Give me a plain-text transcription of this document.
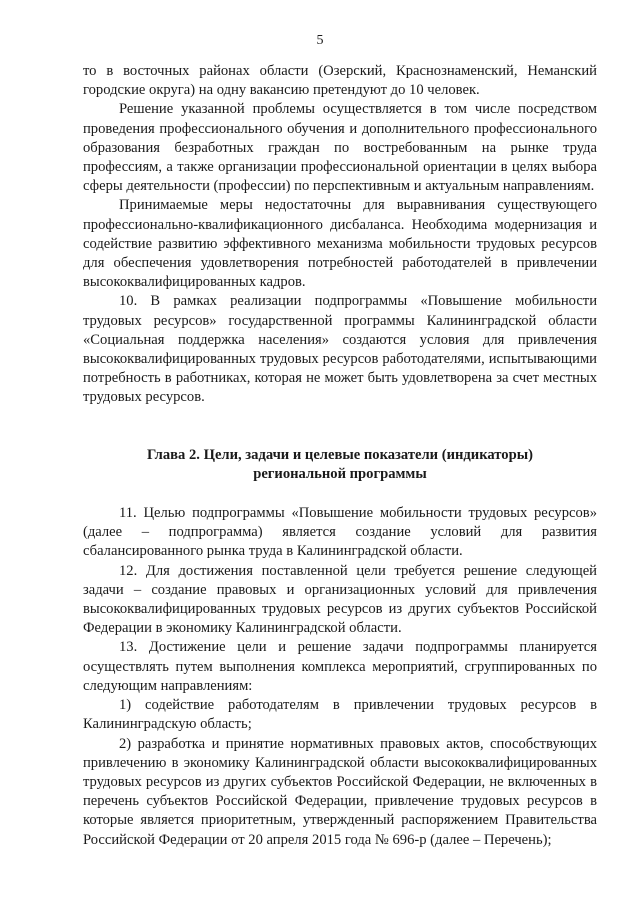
5

то в восточных районах области (Озерский, Краснознаменский, Неманский городские округа) на одну вакансию претендуют до 10 человек.

Решение указанной проблемы осуществляется в том числе посредством проведения профессионального обучения и дополнительного профессионального образования безработных граждан по востребованным на рынке труда профессиям, а также организации профессиональной ориентации в целях выбора сферы деятельности (профессии) по перспективным и актуальным направлениям.

Принимаемые меры недостаточны для выравнивания существующего профессионально-квалификационного дисбаланса. Необходима модернизация и содействие развитию эффективного механизма мобильности трудовых ресурсов для обеспечения удовлетворения потребностей работодателей в привлечении высококвалифицированных кадров.

10. В рамках реализации подпрограммы «Повышение мобильности трудовых ресурсов» государственной программы Калининградской области «Социальная поддержка населения» создаются условия для привлечения высококвалифицированных трудовых ресурсов работодателями, испытывающими потребность в работниках, которая не может быть удовлетворена за счет местных трудовых ресурсов.

Глава 2. Цели, задачи и целевые показатели (индикаторы)

региональной программы

11. Целью подпрограммы «Повышение мобильности трудовых ресурсов» (далее – подпрограмма) является создание условий для развития сбалансированного рынка труда в Калининградской области.

12. Для достижения поставленной цели требуется решение следующей задачи – создание правовых и организационных условий для привлечения высококвалифицированных трудовых ресурсов из других субъектов Российской Федерации в экономику Калининградской области.

13. Достижение цели и решение задачи подпрограммы планируется осуществлять путем выполнения комплекса мероприятий, сгруппированных по следующим направлениям:

1) содействие работодателям в привлечении трудовых ресурсов в Калининградскую область;

2) разработка и принятие нормативных правовых актов, способствующих привлечению в экономику Калининградской области высококвалифицированных трудовых ресурсов из других субъектов Российской Федерации, не включенных в перечень субъектов Российской Федерации, привлечение трудовых ресурсов в которые является приоритетным, утвержденный распоряжением Правительства Российской Федерации от 20 апреля 2015 года № 696-р (далее – Перечень);
